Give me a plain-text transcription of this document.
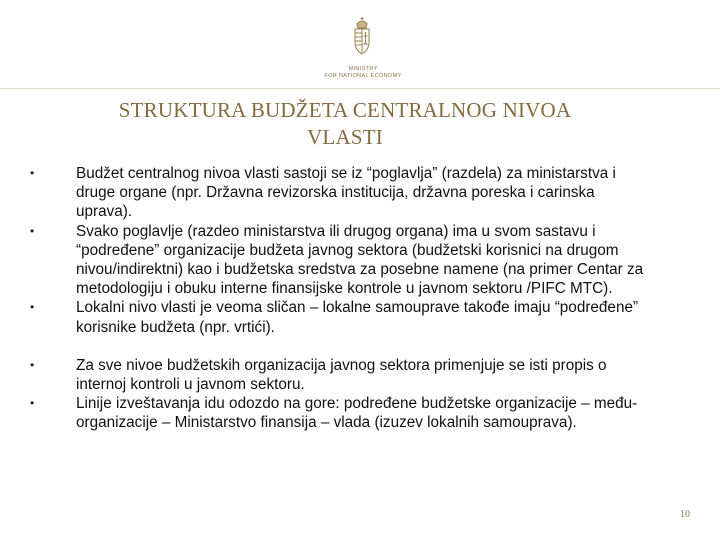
MINISTRY
FOR NATIONAL ECONOMY
STRUKTURA BUDŽETA CENTRALNOG NIVOA VLASTI
•	Budžet centralnog nivoa vlasti sastoji se iz “poglavlja” (razdela) za ministarstva i druge organe (npr. Državna revizorska institucija, državna poreska i carinska uprava).
•	Svako poglavlje (razdeo ministarstva ili drugog organa) ima u svom sastavu i “podređene” organizacije budžeta javnog sektora (budžetski korisnici na drugom nivou/indirektni) kao i budžetska sredstva za posebne namene (na primer Centar za metodologiju i obuku interne finansijske kontrole u javnom sektoru /PIFC MTC).
•	Lokalni nivo vlasti je veoma sličan – lokalne samouprave takođe imaju “podređene” korisnike budžeta (npr. vrtići).
•	Za sve nivoe budžetskih organizacija javnog sektora primenjuje se isti propis o internoj kontroli u javnom sektoru.
•	Linije izveštavanja idu odozdo na gore: podređene budžetske organizacije – među-organizacije – Ministarstvo finansija – vlada (izuzev lokalnih samouprava).
10
